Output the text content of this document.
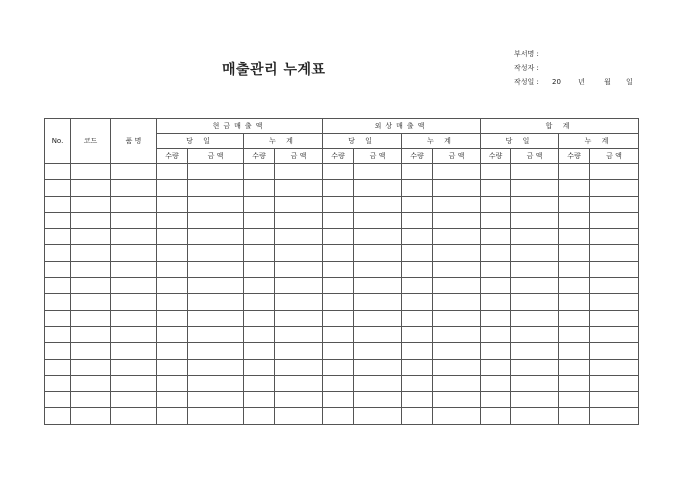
매출관리 누계표
부서명 :
작성자 :
작성일 : 20 년	월 일
No.	코드	품 명	현금매출액				외상매출액				합 계			
			당 일		누 계		당 일		누 계		당 일		누 계	
			수량	금 액	수량	금 액	수량	금 액	수량	금 액	수량	금 액	수량	금 액
